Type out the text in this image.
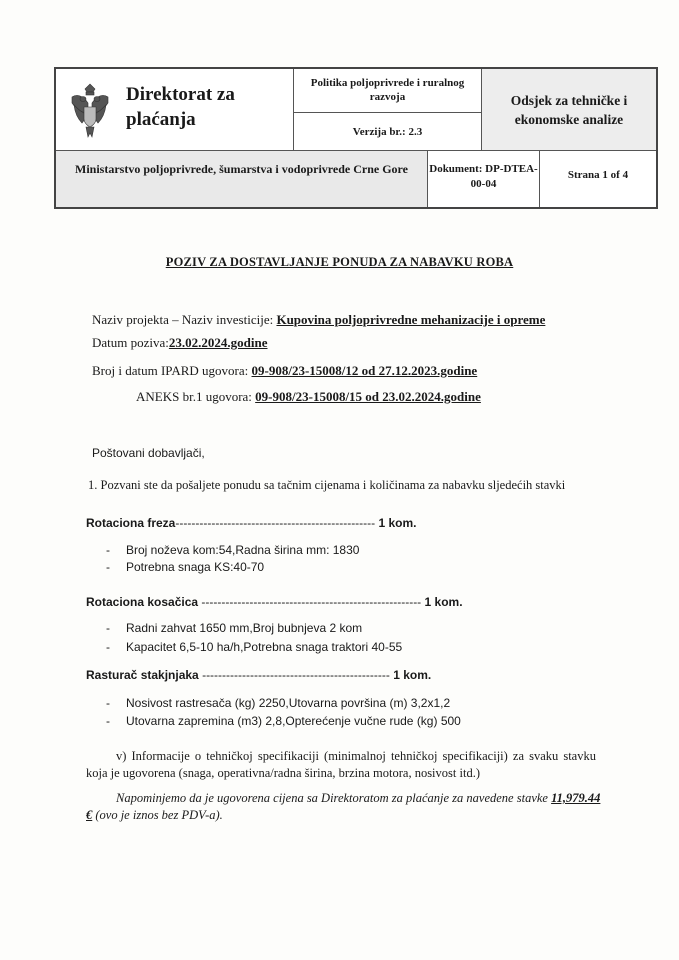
Direktorat za plaćanja
Politika poljoprivrede i ruralnog razvoja
Verzija br.: 2.3
Odsjek za tehničke i ekonomske analize
Ministarstvo poljoprivrede, šumarstva i vodoprivrede Crne Gore	Dokument: DP-DTEA-00-04
Strana 1 of 4
POZIV ZA DOSTAVLJANJE PONUDA ZA NABAVKU ROBA
Naziv projekta – Naziv investicije: Kupovina poljoprivredne mehanizacije i opreme
Datum poziva:23.02.2024.godine
Broj i datum IPARD ugovora: 09-908/23-15008/12 od 27.12.2023.godine
ANEKS br.1 ugovora: 09-908/23-15008/15 od 23.02.2024.godine
Poštovani dobavljači,
1. Pozvani ste da pošaljete ponudu sa tačnim cijenama i količinama za nabavku sljedećih stavki
Rotaciona freza-------------------------------------------------- 1 kom.
- Broj noževa kom:54,Radna širina mm: 1830
- Potrebna snaga KS:40-70
Rotaciona kosačica ------------------------------------------------------- 1 kom.
- Radni zahvat 1650 mm,Broj bubnjeva 2 kom
- Kapacitet 6,5-10 ha/h,Potrebna snaga traktori 40-55
Rasturač stakjnjaka ----------------------------------------------- 1 kom.
- Nosivost rastresača (kg) 2250,Utovarna površina (m) 3,2x1,2
- Utovarna zapremina (m3) 2,8,Opterećenje vučne rude (kg) 500
v) Informacije o tehničkoj specifikaciji (minimalnoj tehničkoj specifikaciji) za svaku stavku koja je ugovorena (snaga, operativna/radna širina, brzina motora, nosivost itd.)
Napominjemo da je ugovorena cijena sa Direktoratom za plaćanje za navedene stavke 11,979.44 € (ovo je iznos bez PDV-a).
